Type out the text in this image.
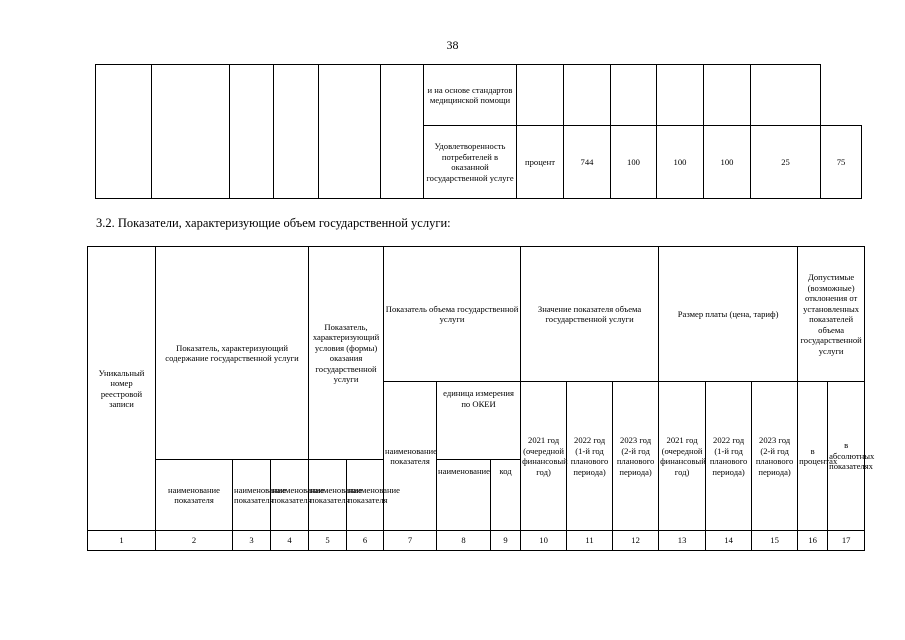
38
						и на основе стандартов медицинской помощи							
						Удовлетворенность потребителей в оказанной государственной услуге	процент	744	100	100	100	25	75
3.2. Показатели, характеризующие объем государственной услуги:
Уникальный номер реестровой записи	Показатель, характеризующий содержание государственной услуги			Показатель, характеризующий условия (формы) оказания государственной услуги		Показатель объема государственной услуги			Значение показателя объема государственной услуги			Размер платы (цена, тариф)			Допустимые (возможные) отклонения от установленных показателей объема государственной услуги	
						наименование показателя	единица измерения по ОКЕИ		2021 год (очередной финансовый год)	2022 год (1-й год планового периода)	2023 год (2-й год планового периода)	2021 год (очередной финансовый год)	2022 год (1-й год планового периода)	2023 год (2-й год планового периода)	в процентах	в абсолютных показателях
	наименование показателя	наименование показателя	наименование показателя	наименование показателя	наименование показателя		наименование	код								
1	2	3	4	5	6	7	8	9	10	11	12	13	14	15	16	17
